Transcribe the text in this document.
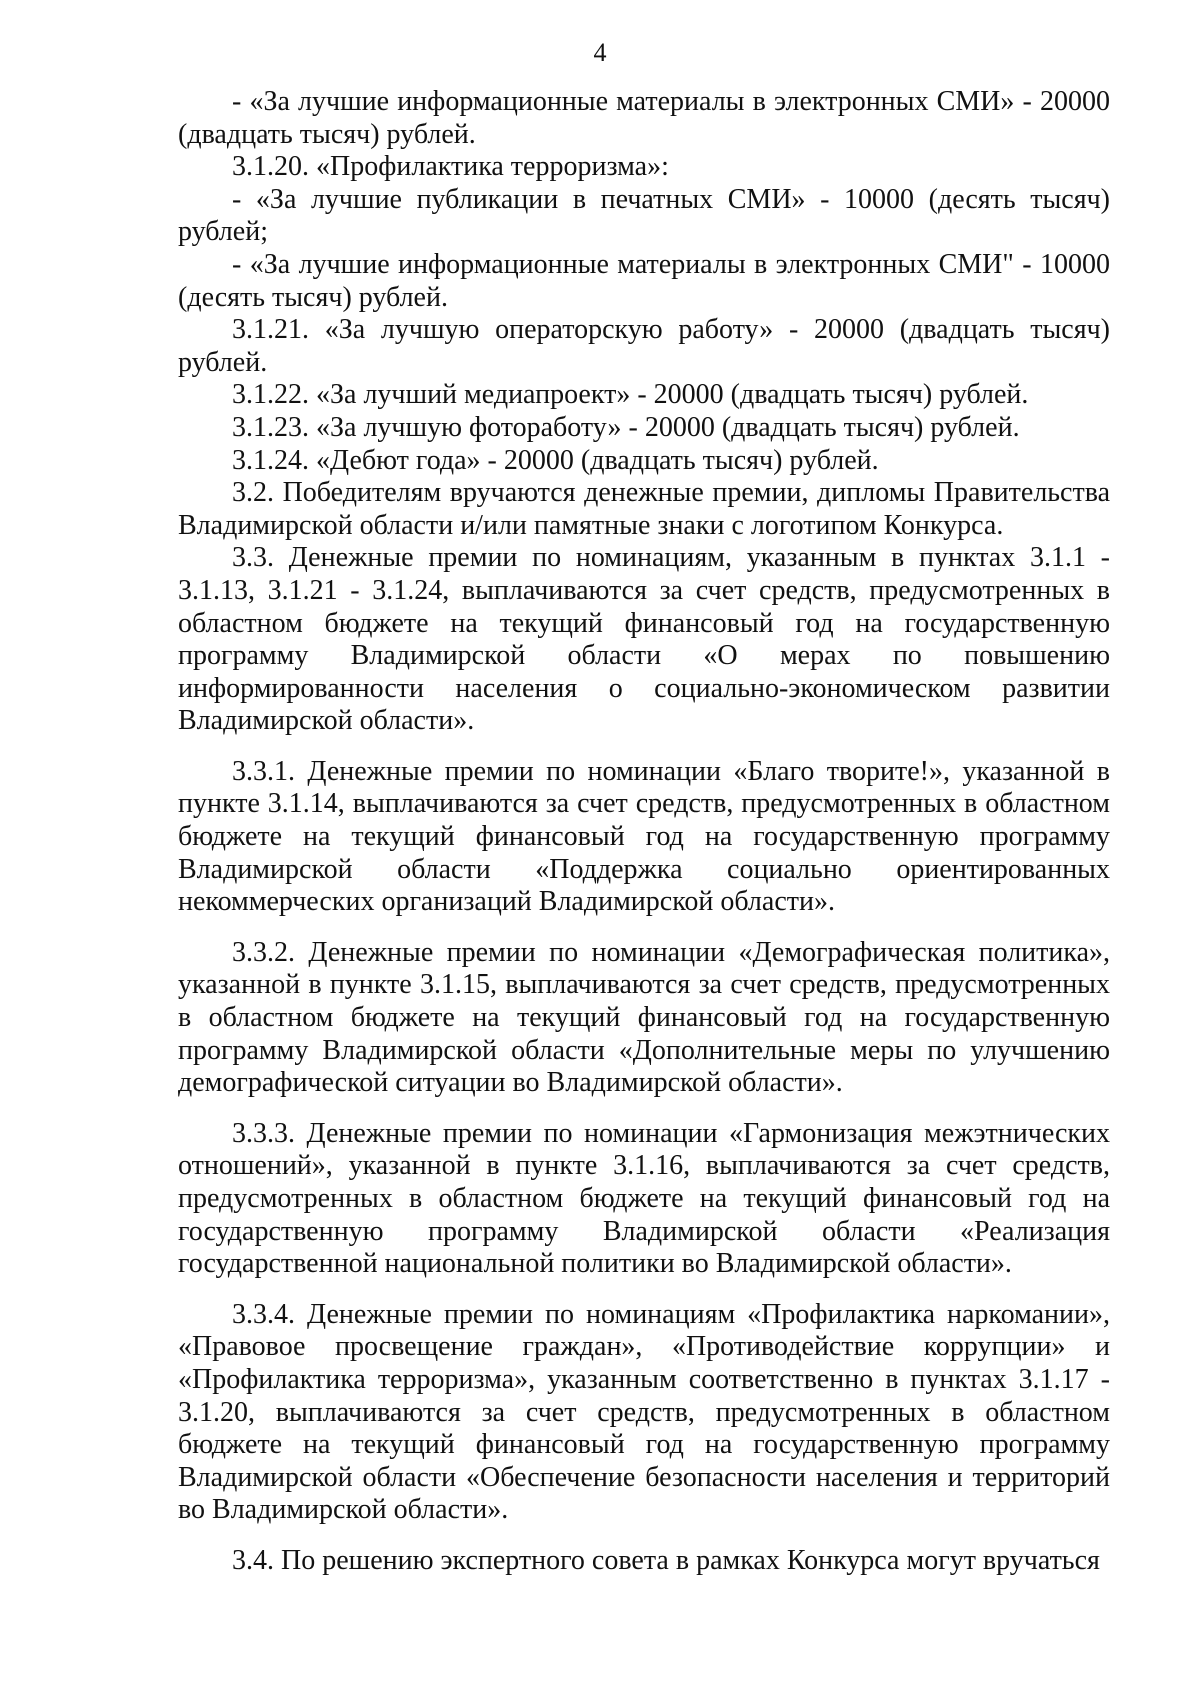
4

- «За лучшие информационные материалы в электронных СМИ» - 20000 (двадцать тысяч) рублей.

3.1.20. «Профилактика терроризма»:

- «За лучшие публикации в печатных СМИ» - 10000 (десять тысяч) рублей;

- «За лучшие информационные материалы в электронных СМИ" - 10000 (десять тысяч) рублей.

3.1.21. «За лучшую операторскую работу» - 20000 (двадцать тысяч) рублей.

3.1.22. «За лучший медиапроект» - 20000 (двадцать тысяч) рублей.

3.1.23. «За лучшую фотоработу» - 20000 (двадцать тысяч) рублей.

3.1.24. «Дебют года» - 20000 (двадцать тысяч) рублей.

3.2. Победителям вручаются денежные премии, дипломы Правительства Владимирской области и/или памятные знаки с логотипом Конкурса.

3.3. Денежные премии по номинациям, указанным в пунктах 3.1.1 - 3.1.13, 3.1.21 - 3.1.24, выплачиваются за счет средств, предусмотренных в областном бюджете на текущий финансовый год на государственную программу Владимирской области «О мерах по повышению информированности населения о социально-экономическом развитии Владимирской области».

3.3.1. Денежные премии по номинации «Благо творите!», указанной в пункте 3.1.14, выплачиваются за счет средств, предусмотренных в областном бюджете на текущий финансовый год на государственную программу Владимирской области «Поддержка социально ориентированных некоммерческих организаций Владимирской области».

3.3.2. Денежные премии по номинации «Демографическая политика», указанной в пункте 3.1.15, выплачиваются за счет средств, предусмотренных в областном бюджете на текущий финансовый год на государственную программу Владимирской области «Дополнительные меры по улучшению демографической ситуации во Владимирской области».

3.3.3. Денежные премии по номинации «Гармонизация межэтнических отношений», указанной в пункте 3.1.16, выплачиваются за счет средств, предусмотренных в областном бюджете на текущий финансовый год на государственную программу Владимирской области «Реализация государственной национальной политики во Владимирской области».

3.3.4. Денежные премии по номинациям «Профилактика наркомании», «Правовое просвещение граждан», «Противодействие коррупции» и «Профилактика терроризма», указанным соответственно в пунктах 3.1.17 - 3.1.20, выплачиваются за счет средств, предусмотренных в областном бюджете на текущий финансовый год на государственную программу Владимирской области «Обеспечение безопасности населения и территорий во Владимирской области».

3.4. По решению экспертного совета в рамках Конкурса могут вручаться
